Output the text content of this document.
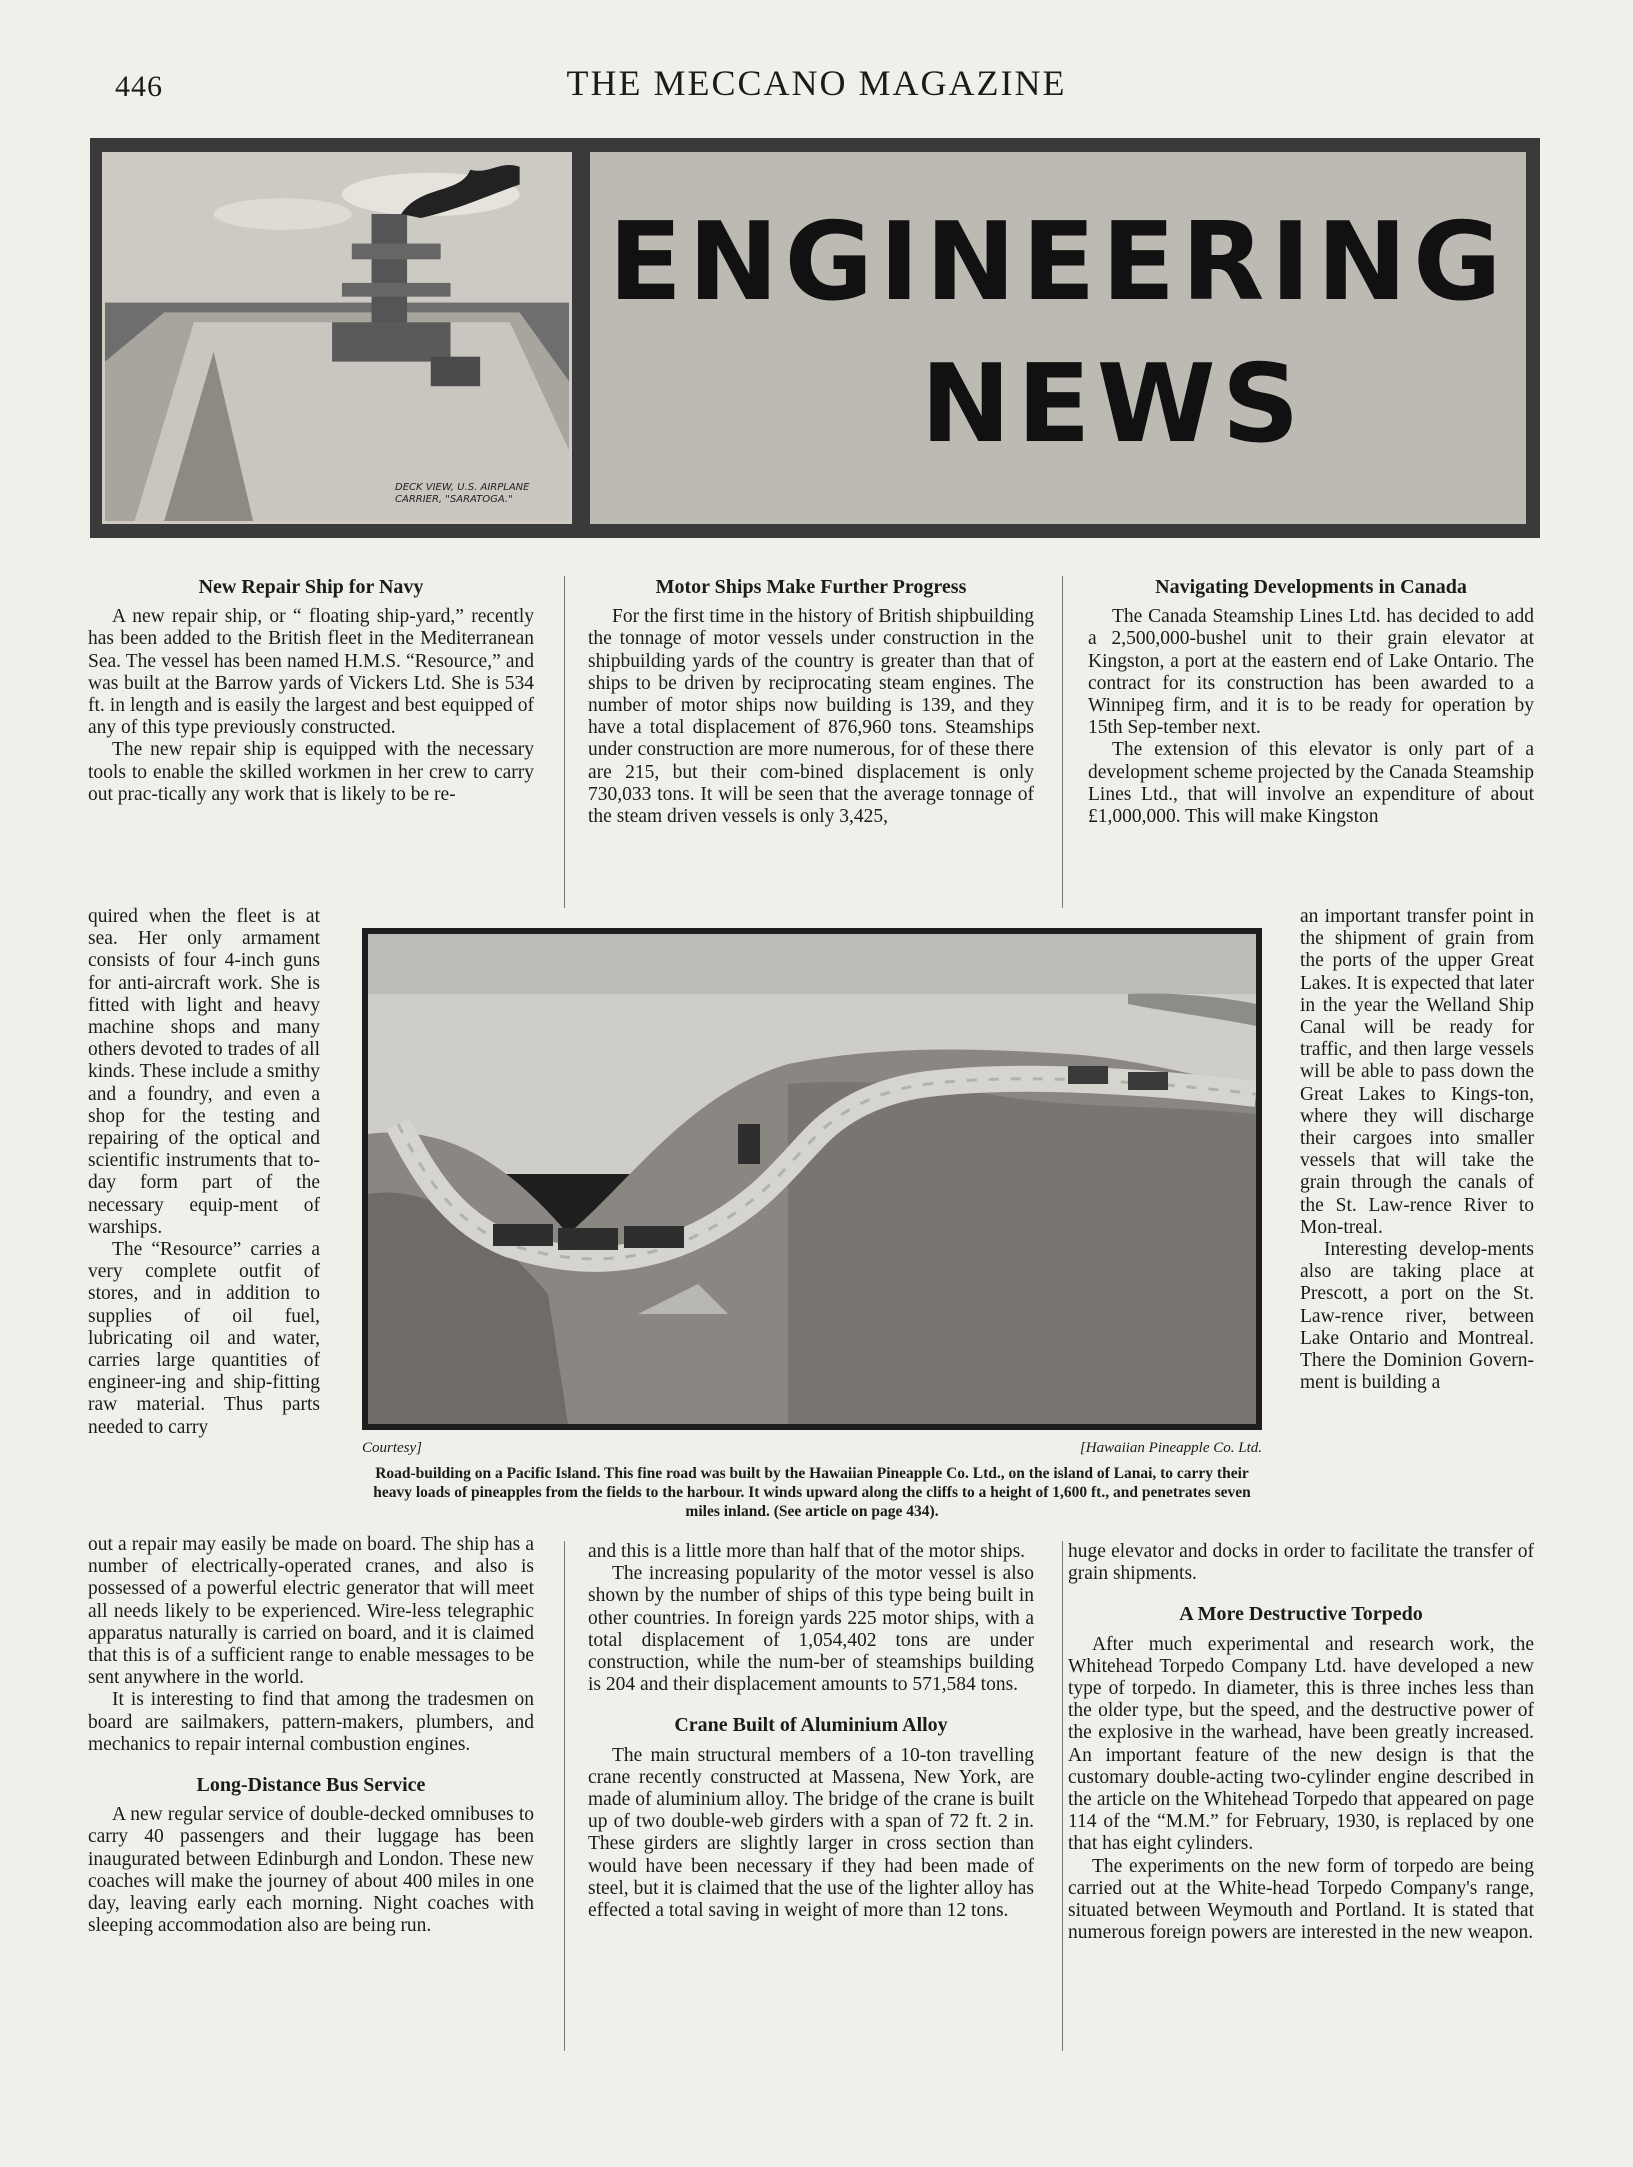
446	THE MECCANO MAGAZINE
DECK VIEW, U.S. AIRPLANE CARRIER, "SARATOGA."
ENGINEERING
NEWS
New Repair Ship for Navy

A new repair ship, or “ floating ship-yard,” recently has been added to the British fleet in the Mediterranean Sea. The vessel has been named H.M.S. “Resource,” and was built at the Barrow yards of Vickers Ltd. She is 534 ft. in length and is easily the largest and best equipped of any of this type previously constructed.

The new repair ship is equipped with the necessary tools to enable the skilled workmen in her crew to carry out prac-tically any work that is likely to be re-

quired when the fleet is at sea. Her only armament consists of four 4-inch guns for anti-aircraft work. She is fitted with light and heavy machine shops and many others devoted to trades of all kinds. These include a smithy and a foundry, and even a shop for the testing and repairing of the optical and scientific instruments that to-day form part of the necessary equip-ment of warships.

The “Resource” carries a very complete outfit of stores, and in addition to supplies of oil fuel, lubricating oil and water, carries large quantities of engineer-ing and ship-fitting raw material. Thus parts needed to carry

out a repair may easily be made on board. The ship has a number of electrically-operated cranes, and also is possessed of a powerful electric generator that will meet all needs likely to be experienced. Wire-less telegraphic apparatus naturally is carried on board, and it is claimed that this is of a sufficient range to enable messages to be sent anywhere in the world.

It is interesting to find that among the tradesmen on board are sailmakers, pattern-makers, plumbers, and mechanics to repair internal combustion engines.

Long-Distance Bus Service

A new regular service of double-decked omnibuses to carry 40 passengers and their luggage has been inaugurated between Edinburgh and London. These new coaches will make the journey of about 400 miles in one day, leaving early each morning. Night coaches with sleeping accommodation also are being run.

Motor Ships Make Further Progress

For the first time in the history of British shipbuilding the tonnage of motor vessels under construction in the shipbuilding yards of the country is greater than that of ships to be driven by reciprocating steam engines. The number of motor ships now building is 139, and they have a total displacement of 876,960 tons. Steamships under construction are more numerous, for of these there are 215, but their com-bined displacement is only 730,033 tons. It will be seen that the average tonnage of the steam driven vessels is only 3,425,

and this is a little more than half that of the motor ships.

The increasing popularity of the motor vessel is also shown by the number of ships of this type being built in other countries. In foreign yards 225 motor ships, with a total displacement of 1,054,402 tons are under construction, while the num-ber of steamships building is 204 and their displacement amounts to 571,584 tons.

Crane Built of Aluminium Alloy

The main structural members of a 10-ton travelling crane recently constructed at Massena, New York, are made of aluminium alloy. The bridge of the crane is built up of two double-web girders with a span of 72 ft. 2 in. These girders are slightly larger in cross section than would have been necessary if they had been made of steel, but it is claimed that the use of the lighter alloy has effected a total saving in weight of more than 12 tons.

Navigating Developments in Canada

The Canada Steamship Lines Ltd. has decided to add a 2,500,000-bushel unit to their grain elevator at Kingston, a port at the eastern end of Lake Ontario. The contract for its construction has been awarded to a Winnipeg firm, and it is to be ready for operation by 15th Sep-tember next.

The extension of this elevator is only part of a development scheme projected by the Canada Steamship Lines Ltd., that will involve an expenditure of about £1,000,000. This will make Kingston

an important transfer point in the shipment of grain from the ports of the upper Great Lakes. It is expected that later in the year the Welland Ship Canal will be ready for traffic, and then large vessels will be able to pass down the Great Lakes to Kings-ton, where they will discharge their cargoes into smaller vessels that will take the grain through the canals of the St. Law-rence River to Mon-treal.

Interesting develop-ments also are taking place at Prescott, a port on the St. Law-rence river, between Lake Ontario and Montreal. There the Dominion Govern-ment is building a

huge elevator and docks in order to facilitate the transfer of grain shipments.

A More Destructive Torpedo

After much experimental and research work, the Whitehead Torpedo Company Ltd. have developed a new type of torpedo. In diameter, this is three inches less than the older type, but the speed, and the destructive power of the explosive in the warhead, have been greatly increased. An important feature of the new design is that the customary double-acting two-cylinder engine described in the article on the Whitehead Torpedo that appeared on page 114 of the “M.M.” for February, 1930, is replaced by one that has eight cylinders.

The experiments on the new form of torpedo are being carried out at the White-head Torpedo Company's range, situated between Weymouth and Portland. It is stated that numerous foreign powers are interested in the new weapon.

Courtesy]	[Hawaiian Pineapple Co. Ltd.
Road-building on a Pacific Island. This fine road was built by the Hawaiian Pineapple Co. Ltd., on the island of Lanai, to carry their heavy loads of pineapples from the fields to the harbour. It winds upward along the cliffs to a height of 1,600 ft., and penetrates seven miles inland. (See article on page 434).
